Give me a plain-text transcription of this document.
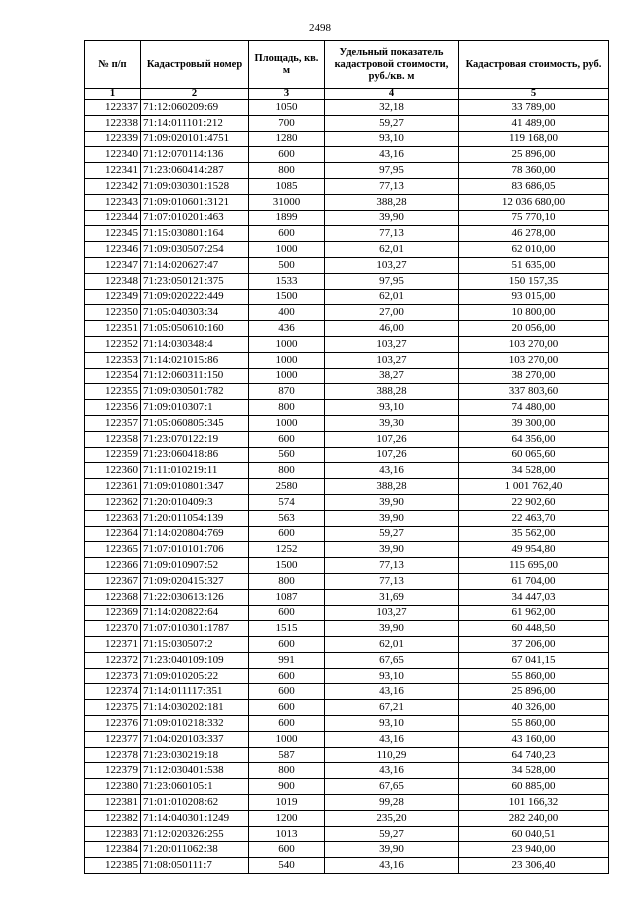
2498
№ п/п	Кадастровый номер	Площадь, кв. м	Удельный показатель кадастровой стоимости, руб./кв. м	Кадастровая стоимость, руб.
1	2	3	4	5
122337	71:12:060209:69	1050	32,18	33 789,00
122338	71:14:011101:212	700	59,27	41 489,00
122339	71:09:020101:4751	1280	93,10	119 168,00
122340	71:12:070114:136	600	43,16	25 896,00
122341	71:23:060414:287	800	97,95	78 360,00
122342	71:09:030301:1528	1085	77,13	83 686,05
122343	71:09:010601:3121	31000	388,28	12 036 680,00
122344	71:07:010201:463	1899	39,90	75 770,10
122345	71:15:030801:164	600	77,13	46 278,00
122346	71:09:030507:254	1000	62,01	62 010,00
122347	71:14:020627:47	500	103,27	51 635,00
122348	71:23:050121:375	1533	97,95	150 157,35
122349	71:09:020222:449	1500	62,01	93 015,00
122350	71:05:040303:34	400	27,00	10 800,00
122351	71:05:050610:160	436	46,00	20 056,00
122352	71:14:030348:4	1000	103,27	103 270,00
122353	71:14:021015:86	1000	103,27	103 270,00
122354	71:12:060311:150	1000	38,27	38 270,00
122355	71:09:030501:782	870	388,28	337 803,60
122356	71:09:010307:1	800	93,10	74 480,00
122357	71:05:060805:345	1000	39,30	39 300,00
122358	71:23:070122:19	600	107,26	64 356,00
122359	71:23:060418:86	560	107,26	60 065,60
122360	71:11:010219:11	800	43,16	34 528,00
122361	71:09:010801:347	2580	388,28	1 001 762,40
122362	71:20:010409:3	574	39,90	22 902,60
122363	71:20:011054:139	563	39,90	22 463,70
122364	71:14:020804:769	600	59,27	35 562,00
122365	71:07:010101:706	1252	39,90	49 954,80
122366	71:09:010907:52	1500	77,13	115 695,00
122367	71:09:020415:327	800	77,13	61 704,00
122368	71:22:030613:126	1087	31,69	34 447,03
122369	71:14:020822:64	600	103,27	61 962,00
122370	71:07:010301:1787	1515	39,90	60 448,50
122371	71:15:030507:2	600	62,01	37 206,00
122372	71:23:040109:109	991	67,65	67 041,15
122373	71:09:010205:22	600	93,10	55 860,00
122374	71:14:011117:351	600	43,16	25 896,00
122375	71:14:030202:181	600	67,21	40 326,00
122376	71:09:010218:332	600	93,10	55 860,00
122377	71:04:020103:337	1000	43,16	43 160,00
122378	71:23:030219:18	587	110,29	64 740,23
122379	71:12:030401:538	800	43,16	34 528,00
122380	71:23:060105:1	900	67,65	60 885,00
122381	71:01:010208:62	1019	99,28	101 166,32
122382	71:14:040301:1249	1200	235,20	282 240,00
122383	71:12:020326:255	1013	59,27	60 040,51
122384	71:20:011062:38	600	39,90	23 940,00
122385	71:08:050111:7	540	43,16	23 306,40
